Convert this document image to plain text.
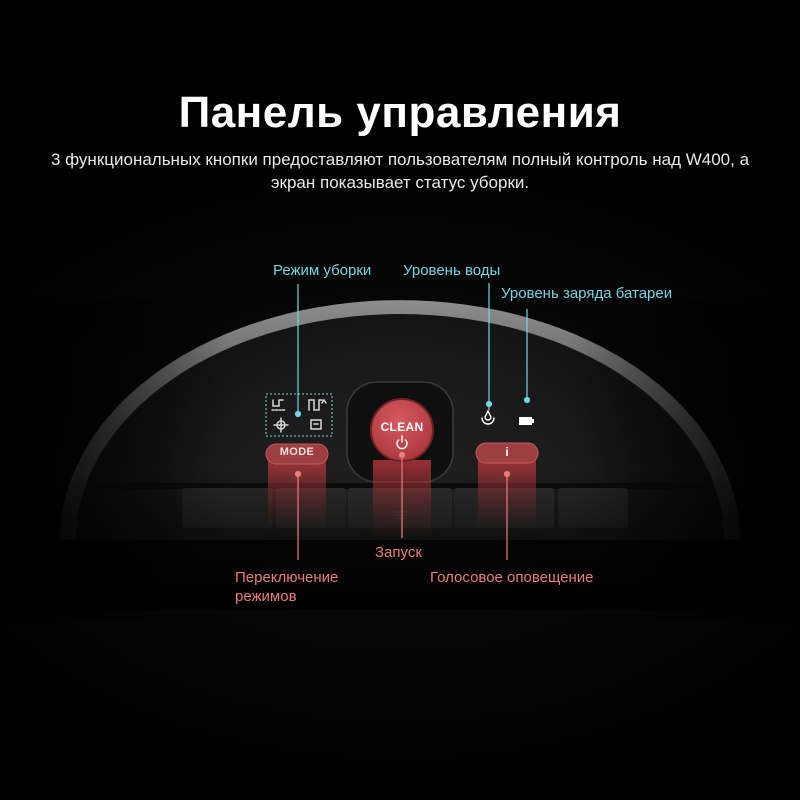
Панель управления
3 функциональных кнопки предоставляют пользователям полный контроль над W400, а экран показывает статус уборки.
MODE
CLEAN
i
Режим уборки Уровень воды
Уровень заряда батареи
Запуск
Переключение режимов
Голосовое оповещение
